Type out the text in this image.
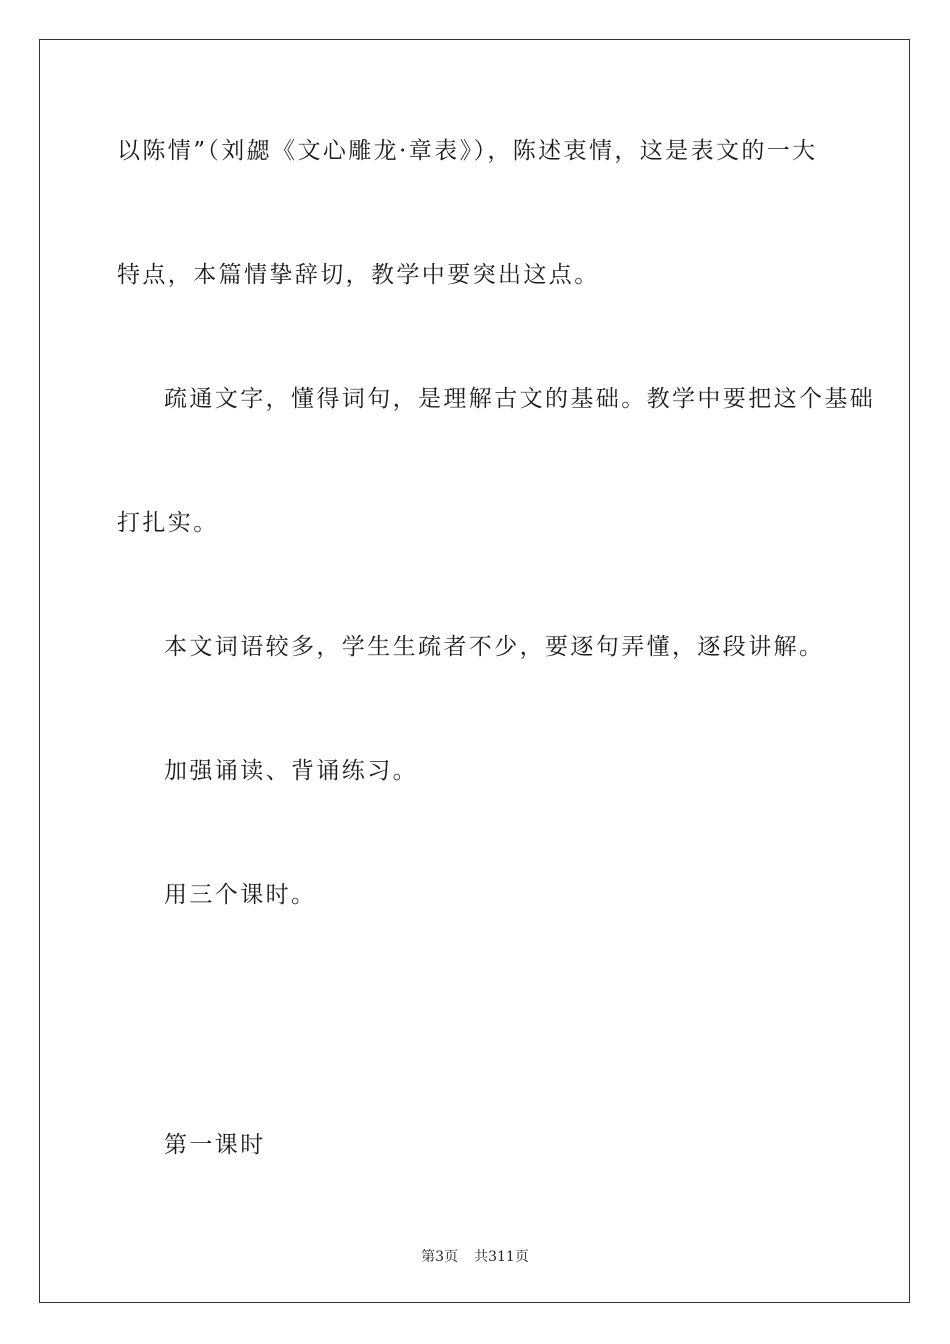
以陈情”（刘勰《文心雕龙·章表》），陈述衷情，这是表文的一大
特点，本篇情挚辞切，教学中要突出这点。
疏通文字，懂得词句，是理解古文的基础。教学中要把这个基础
打扎实。
本文词语较多，学生生疏者不少，要逐句弄懂，逐段讲解。
加强诵读、背诵练习。
用三个课时。
第一课时
第3页 共311页
